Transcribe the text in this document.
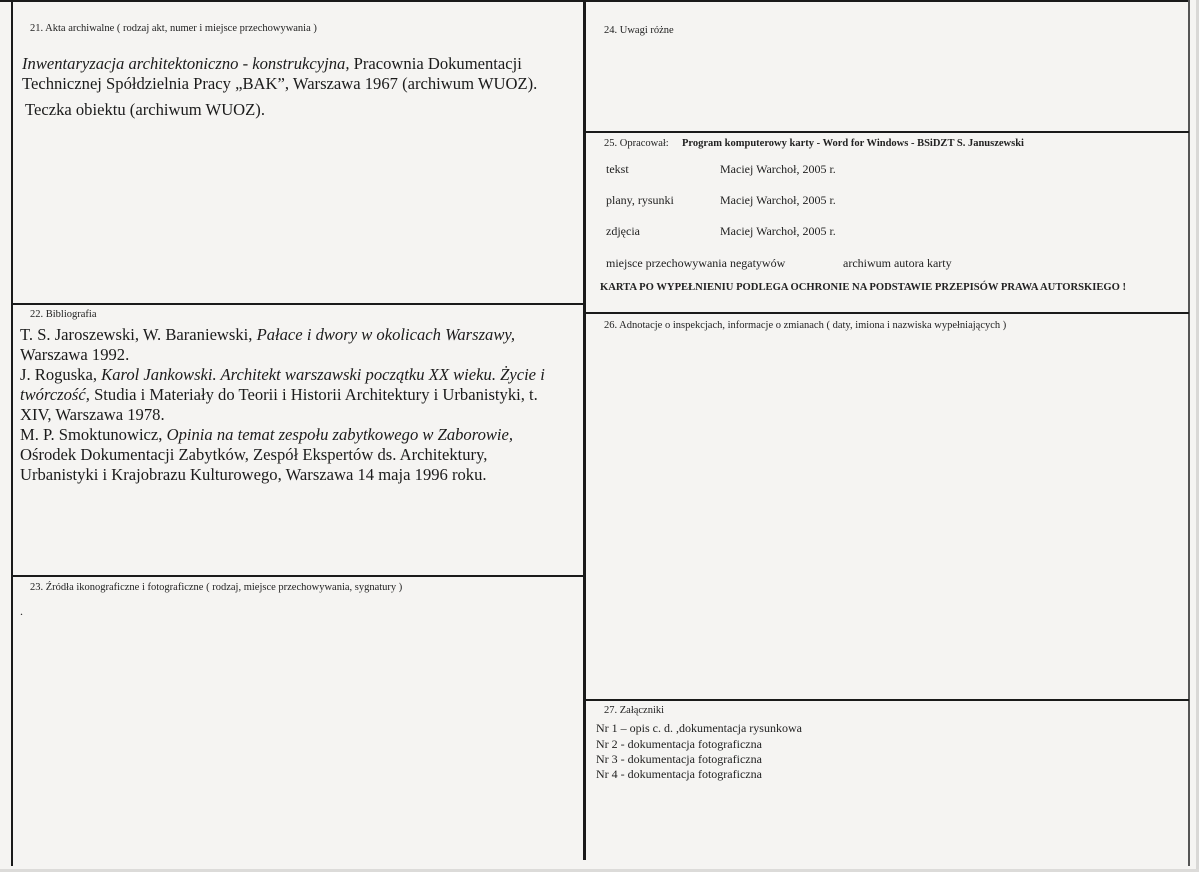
21. Akta archiwalne ( rodzaj akt, numer i miejsce przechowywania )

Inwentaryzacja architektoniczno - konstrukcyjna, Pracownia Dokumentacji

Technicznej Spółdzielnia Pracy „BAK”, Warszawa 1967 (archiwum WUOZ).

Teczka obiektu (archiwum WUOZ).

22. Bibliografia

T. S. Jaroszewski, W. Baraniewski, Pałace i dwory w okolicach Warszawy,

Warszawa 1992.

J. Roguska, Karol Jankowski. Architekt warszawski początku XX wieku. Życie i

twórczość, Studia i Materiały do Teorii i Historii Architektury i Urbanistyki, t.

XIV, Warszawa 1978.

M. P. Smoktunowicz, Opinia na temat zespołu zabytkowego w Zaborowie,

Ośrodek Dokumentacji Zabytków, Zespół Ekspertów ds. Architektury,

Urbanistyki i Krajobrazu Kulturowego, Warszawa 14 maja 1996 roku.

23. Źródła ikonograficzne i fotograficzne ( rodzaj, miejsce przechowywania, sygnatury )
.
24. Uwagi różne
25. Opracował: Program komputerowy karty - Word for Windows - BSiDZT S. Januszewski
tekst	Maciej Warchoł, 2005 r.
plany, rysunki	Maciej Warchoł, 2005 r.
zdjęcia	Maciej Warchoł, 2005 r.
miejsce przechowywania negatywów	archiwum autora karty
KARTA PO WYPEŁNIENIU PODLEGA OCHRONIE NA PODSTAWIE PRZEPISÓW PRAWA AUTORSKIEGO !
26. Adnotacje o inspekcjach, informacje o zmianach ( daty, imiona i nazwiska wypełniających )
27. Załączniki
Nr 1 – opis c. d. ,dokumentacja rysunkowa
Nr 2 - dokumentacja fotograficzna
Nr 3 - dokumentacja fotograficzna
Nr 4 - dokumentacja fotograficzna
